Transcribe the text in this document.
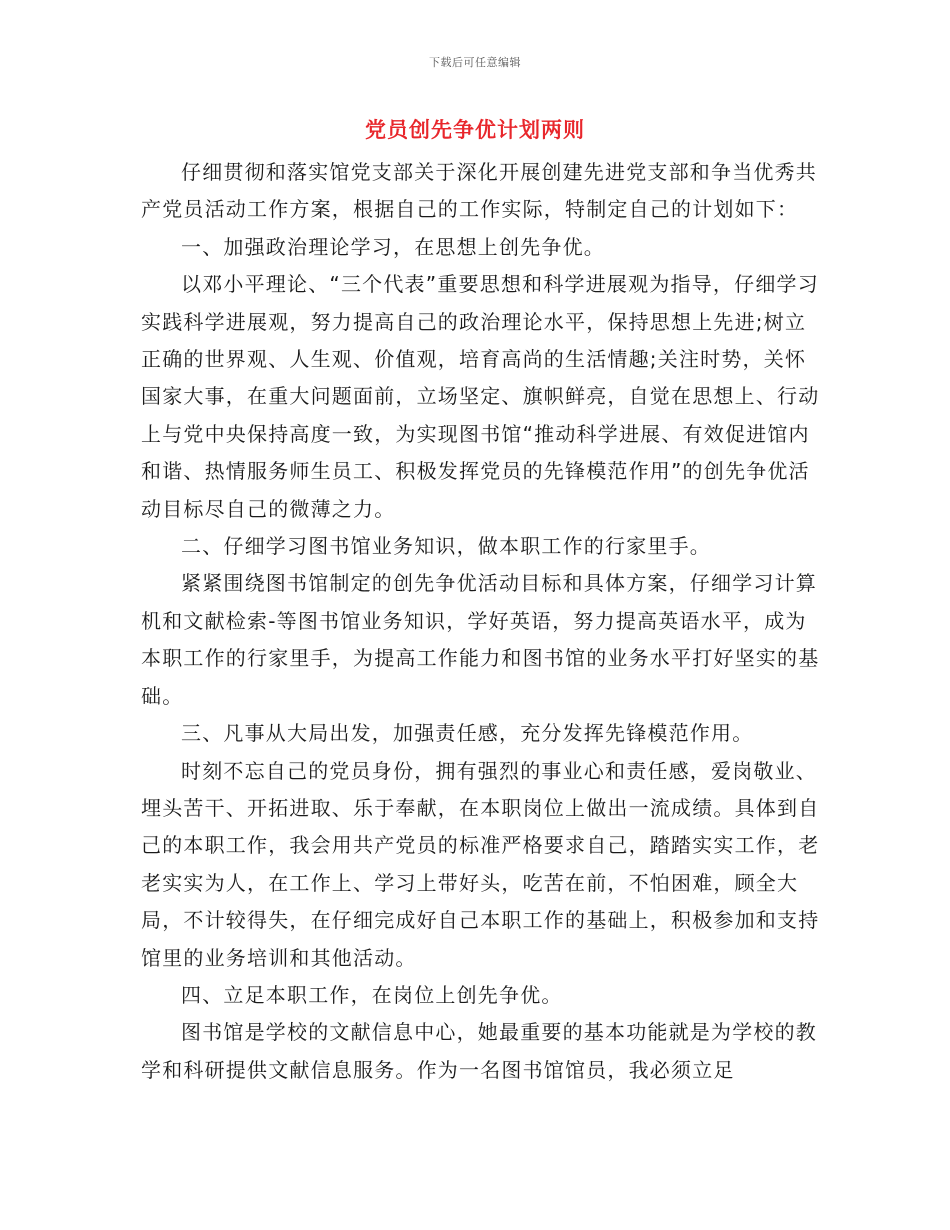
下载后可任意编辑
党员创先争优计划两则

仔细贯彻和落实馆党支部关于深化开展创建先进党支部和争当优秀共产党员活动工作方案，根据自己的工作实际，特制定自己的计划如下：

一、加强政治理论学习，在思想上创先争优。

以邓小平理论、“三个代表”重要思想和科学进展观为指导，仔细学习实践科学进展观，努力提高自己的政治理论水平，保持思想上先进;树立正确的世界观、人生观、价值观，培育高尚的生活情趣;关注时势，关怀国家大事，在重大问题面前，立场坚定、旗帜鲜亮，自觉在思想上、行动上与党中央保持高度一致，为实现图书馆“推动科学进展、有效促进馆内和谐、热情服务师生员工、积极发挥党员的先锋模范作用”的创先争优活动目标尽自己的微薄之力。

二、仔细学习图书馆业务知识，做本职工作的行家里手。

紧紧围绕图书馆制定的创先争优活动目标和具体方案，仔细学习计算机和文献检索-等图书馆业务知识，学好英语，努力提高英语水平，成为本职工作的行家里手，为提高工作能力和图书馆的业务水平打好坚实的基础。

三、凡事从大局出发，加强责任感，充分发挥先锋模范作用。

时刻不忘自己的党员身份，拥有强烈的事业心和责任感，爱岗敬业、埋头苦干、开拓进取、乐于奉献，在本职岗位上做出一流成绩。具体到自己的本职工作，我会用共产党员的标准严格要求自己，踏踏实实工作，老老实实为人，在工作上、学习上带好头，吃苦在前，不怕困难，顾全大局，不计较得失，在仔细完成好自己本职工作的基础上，积极参加和支持馆里的业务培训和其他活动。

四、立足本职工作，在岗位上创先争优。

图书馆是学校的文献信息中心，她最重要的基本功能就是为学校的教学和科研提供文献信息服务。作为一名图书馆馆员，我必须立足
